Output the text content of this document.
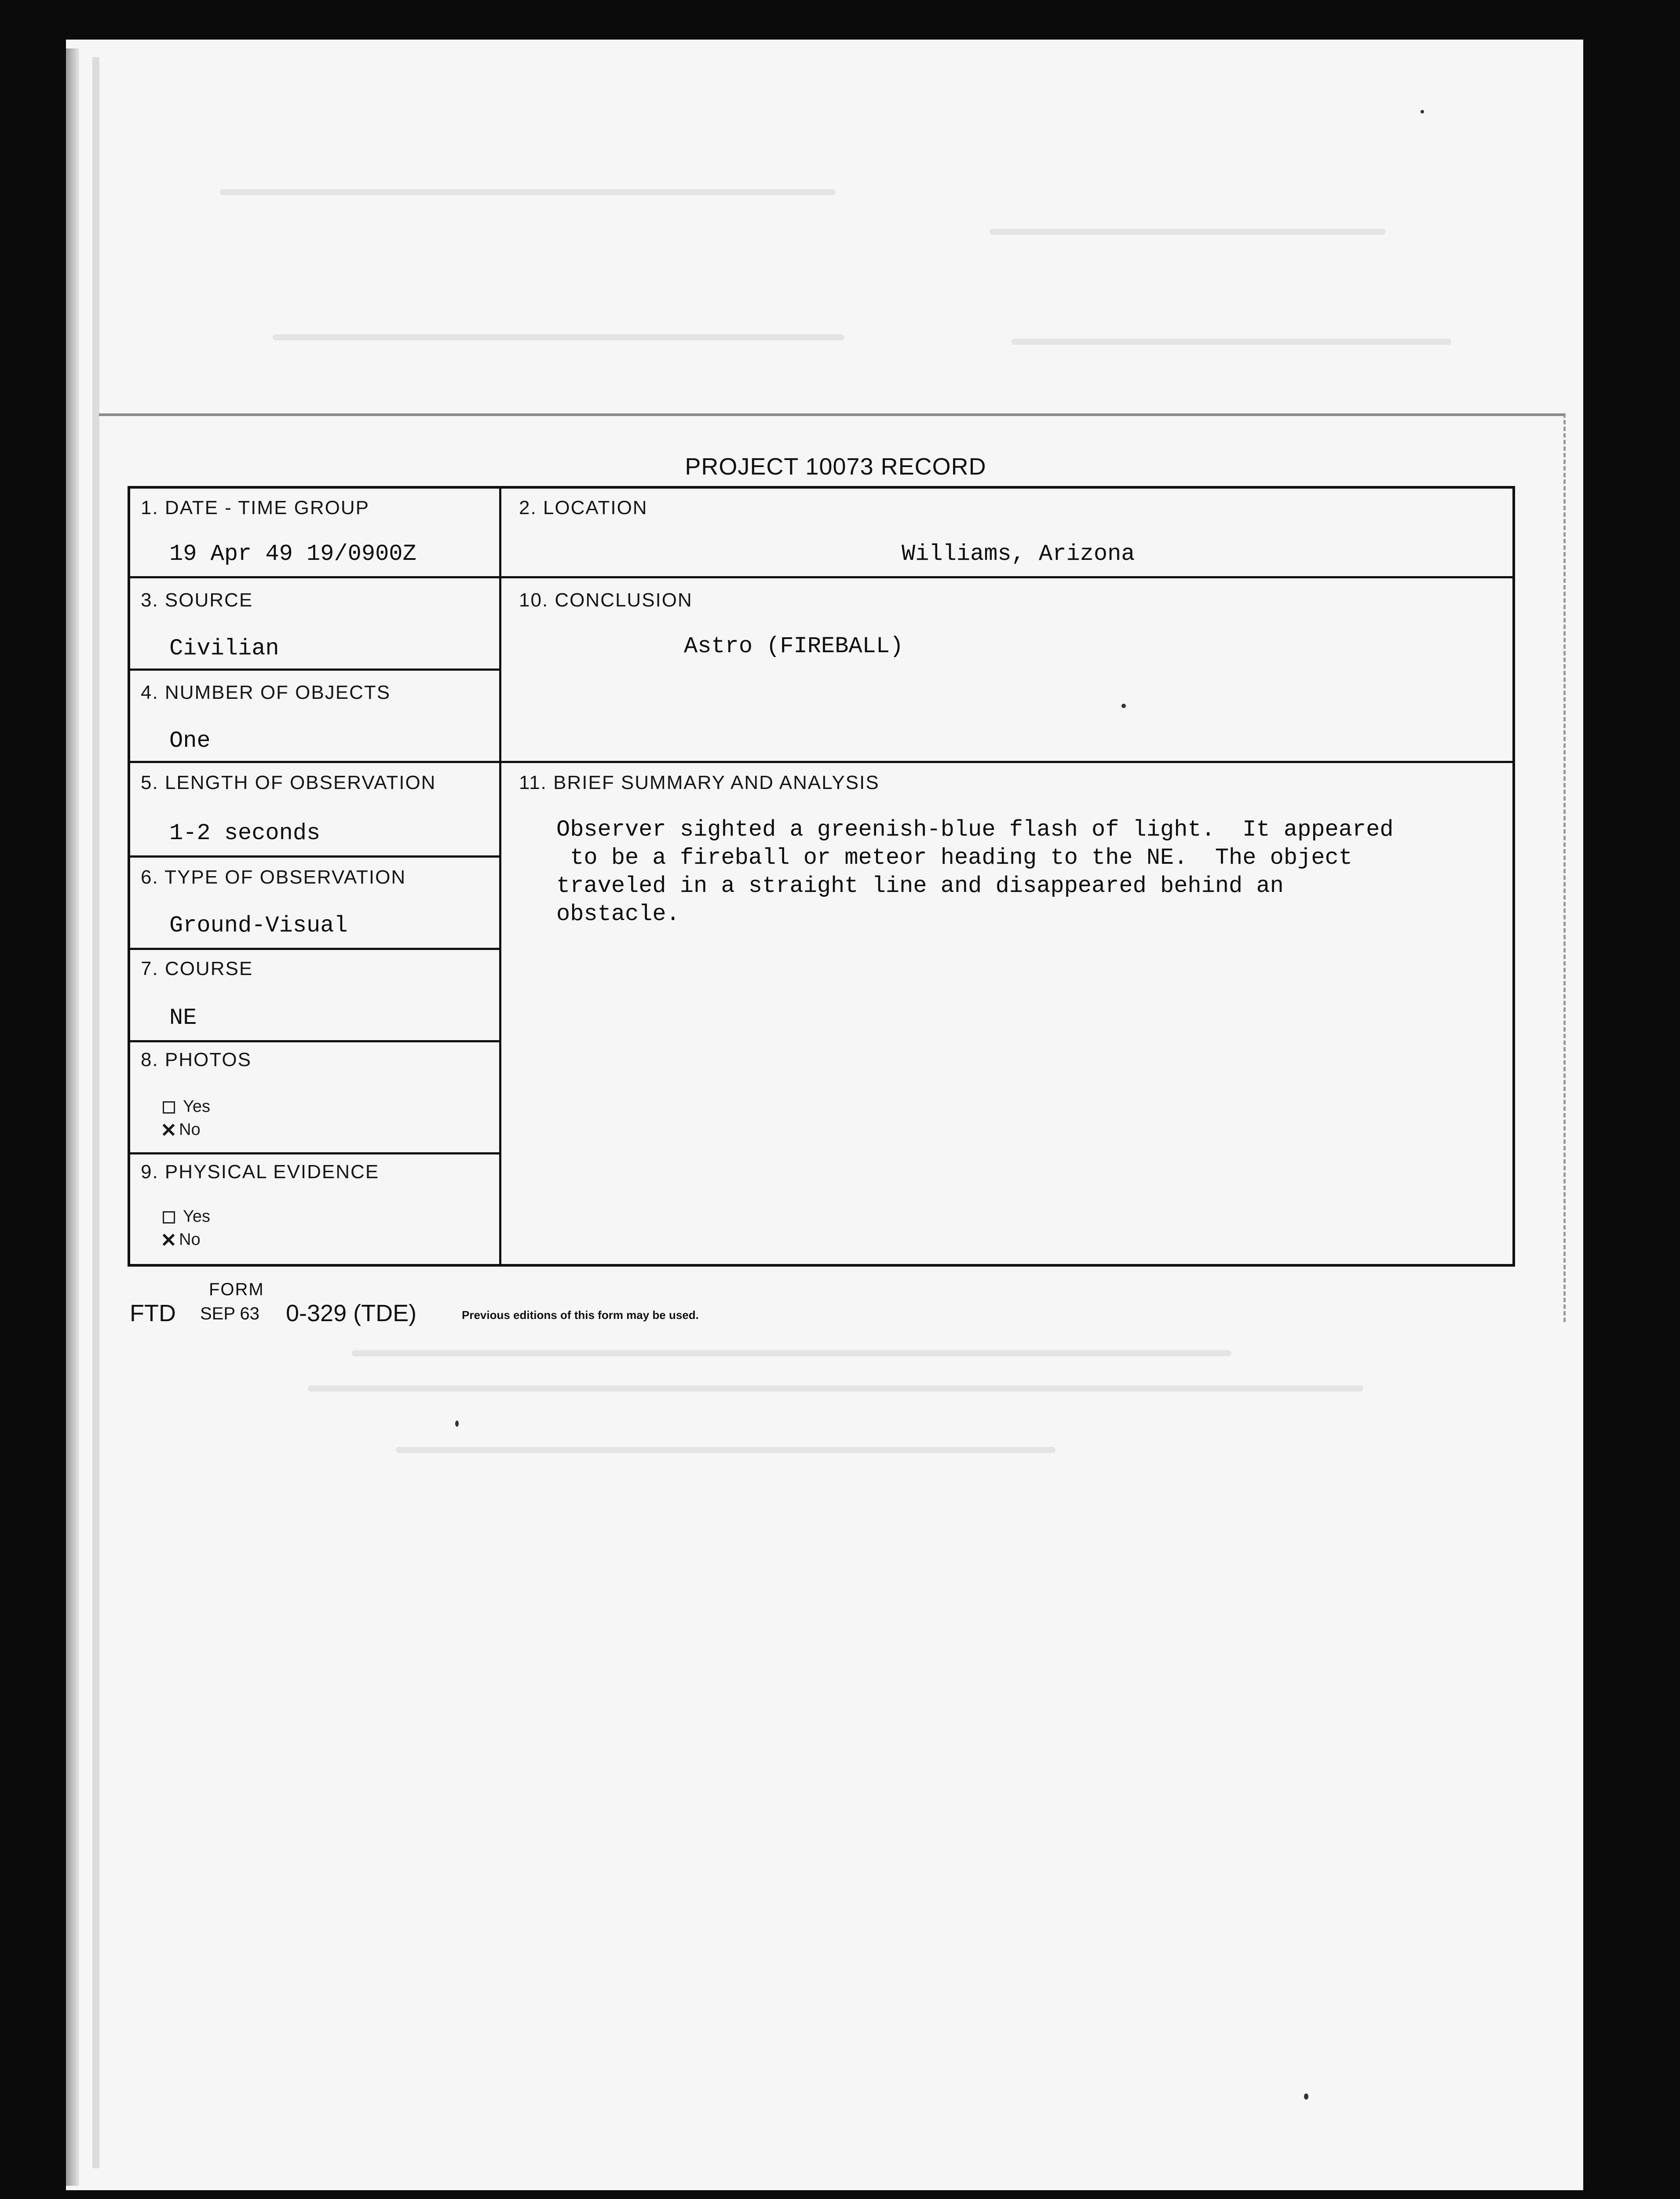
PROJECT 10073 RECORD
1. DATE - TIME GROUP
19 Apr 49 19/0900Z
2. LOCATION
Williams, Arizona
3. SOURCE
Civilian
10. CONCLUSION
Astro (FIREBALL)
4. NUMBER OF OBJECTS
One
5. LENGTH OF OBSERVATION
1-2 seconds
11. BRIEF SUMMARY AND ANALYSIS
Observer sighted a greenish-blue flash of light.  It appeared
to be a fireball or meteor heading to the NE.  The object
traveled in a straight line and disappeared behind an
obstacle.
6. TYPE OF OBSERVATION
Ground-Visual
7. COURSE
NE
8. PHOTOS
Yes
✕ No
9. PHYSICAL EVIDENCE
Yes
✕ No
FORM
FTD SEP 63 0-329 (TDE)	Previous editions of this form may be used.
